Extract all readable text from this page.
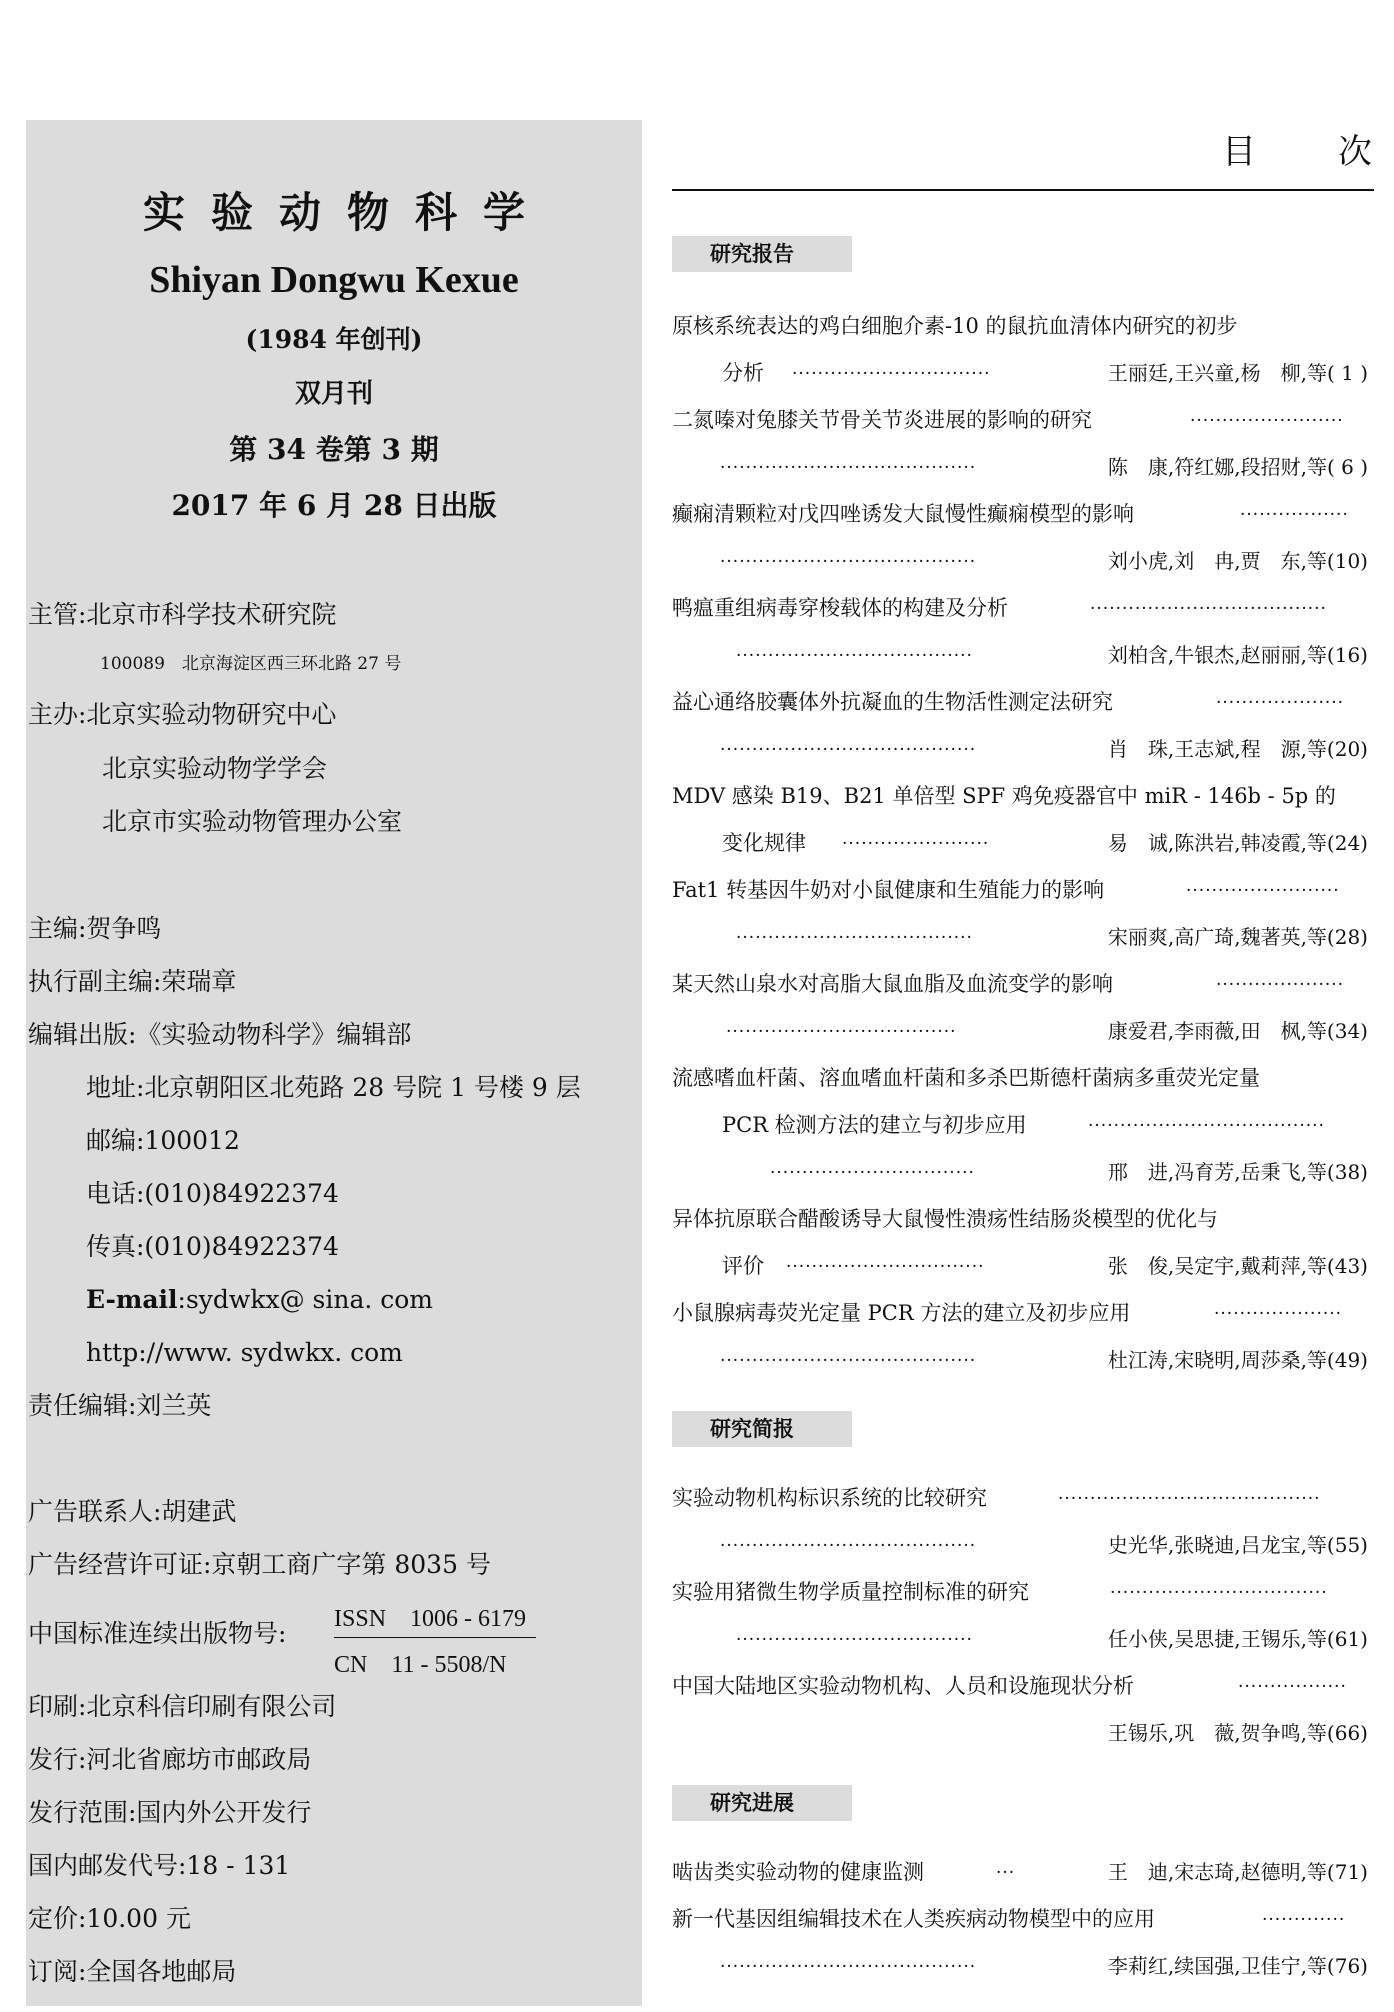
实验动物科学
Shiyan Dongwu Kexue
(1984 年创刊)
双月刊
第 34 卷第 3 期
2017 年 6 月 28 日出版
主管:北京市科学技术研究院
100089　北京海淀区西三环北路 27 号
主办:北京实验动物研究中心
北京实验动物学学会
北京市实验动物管理办公室
主编:贺争鸣
执行副主编:荣瑞章
编辑出版:《实验动物科学》编辑部
地址:北京朝阳区北苑路 28 号院 1 号楼 9 层
邮编:100012
电话:(010)84922374
传真:(010)84922374
E-mail:sydwkx@ sina. com
http://www. sydwkx. com
责任编辑:刘兰英
广告联系人:胡建武
广告经营许可证:京朝工商广字第 8035 号
中国标准连续出版物号: ISSN　1006 - 6179
CN　11 - 5508/N
印刷:北京科信印刷有限公司
发行:河北省廊坊市邮政局
发行范围:国内外公开发行
国内邮发代号:18 - 131
定价:10.00 元
订阅:全国各地邮局
目 次
研究报告
研究简报
研究进展
原核系统表达的鸡白细胞介素-10 的鼠抗血清体内研究的初步
分析 ·······························	王丽廷,王兴童,杨　柳,等( 1 )
二氮嗪对兔膝关节骨关节炎进展的影响的研究	························
········································	陈　康,符红娜,段招财,等( 6 )
癫痫清颗粒对戊四唑诱发大鼠慢性癫痫模型的影响	·················
········································	刘小虎,刘　冉,贾　东,等(10)
鸭瘟重组病毒穿梭载体的构建及分析	·····································
·····································	刘柏含,牛银杰,赵丽丽,等(16)
益心通络胶囊体外抗凝血的生物活性测定法研究	····················
········································	肖　珠,王志斌,程　源,等(20)
MDV 感染 B19、B21 单倍型 SPF 鸡免疫器官中 miR - 146b - 5p 的
变化规律 ·······················	易　诚,陈洪岩,韩凌霞,等(24)
Fat1 转基因牛奶对小鼠健康和生殖能力的影响	························
·····································	宋丽爽,高广琦,魏著英,等(28)
某天然山泉水对高脂大鼠血脂及血流变学的影响	····················
····································	康爱君,李雨薇,田　枫,等(34)
流感嗜血杆菌、溶血嗜血杆菌和多杀巴斯德杆菌病多重荧光定量
PCR 检测方法的建立与初步应用	·····································
································	邢　进,冯育芳,岳秉飞,等(38)
异体抗原联合醋酸诱导大鼠慢性溃疡性结肠炎模型的优化与
评价 ·······························	张　俊,吴定宇,戴莉萍,等(43)
小鼠腺病毒荧光定量 PCR 方法的建立及初步应用	····················
········································	杜江涛,宋晓明,周莎桑,等(49)
实验动物机构标识系统的比较研究	·········································
········································	史光华,张晓迪,吕龙宝,等(55)
实验用猪微生物学质量控制标准的研究	··································
·····································	任小侠,吴思捷,王锡乐,等(61)
中国大陆地区实验动物机构、人员和设施现状分析	·················
王锡乐,巩　薇,贺争鸣,等(66)
啮齿类实验动物的健康监测	···	王　迪,宋志琦,赵德明,等(71)
新一代基因组编辑技术在人类疾病动物模型中的应用	·············
········································	李莉红,续国强,卫佳宁,等(76)
